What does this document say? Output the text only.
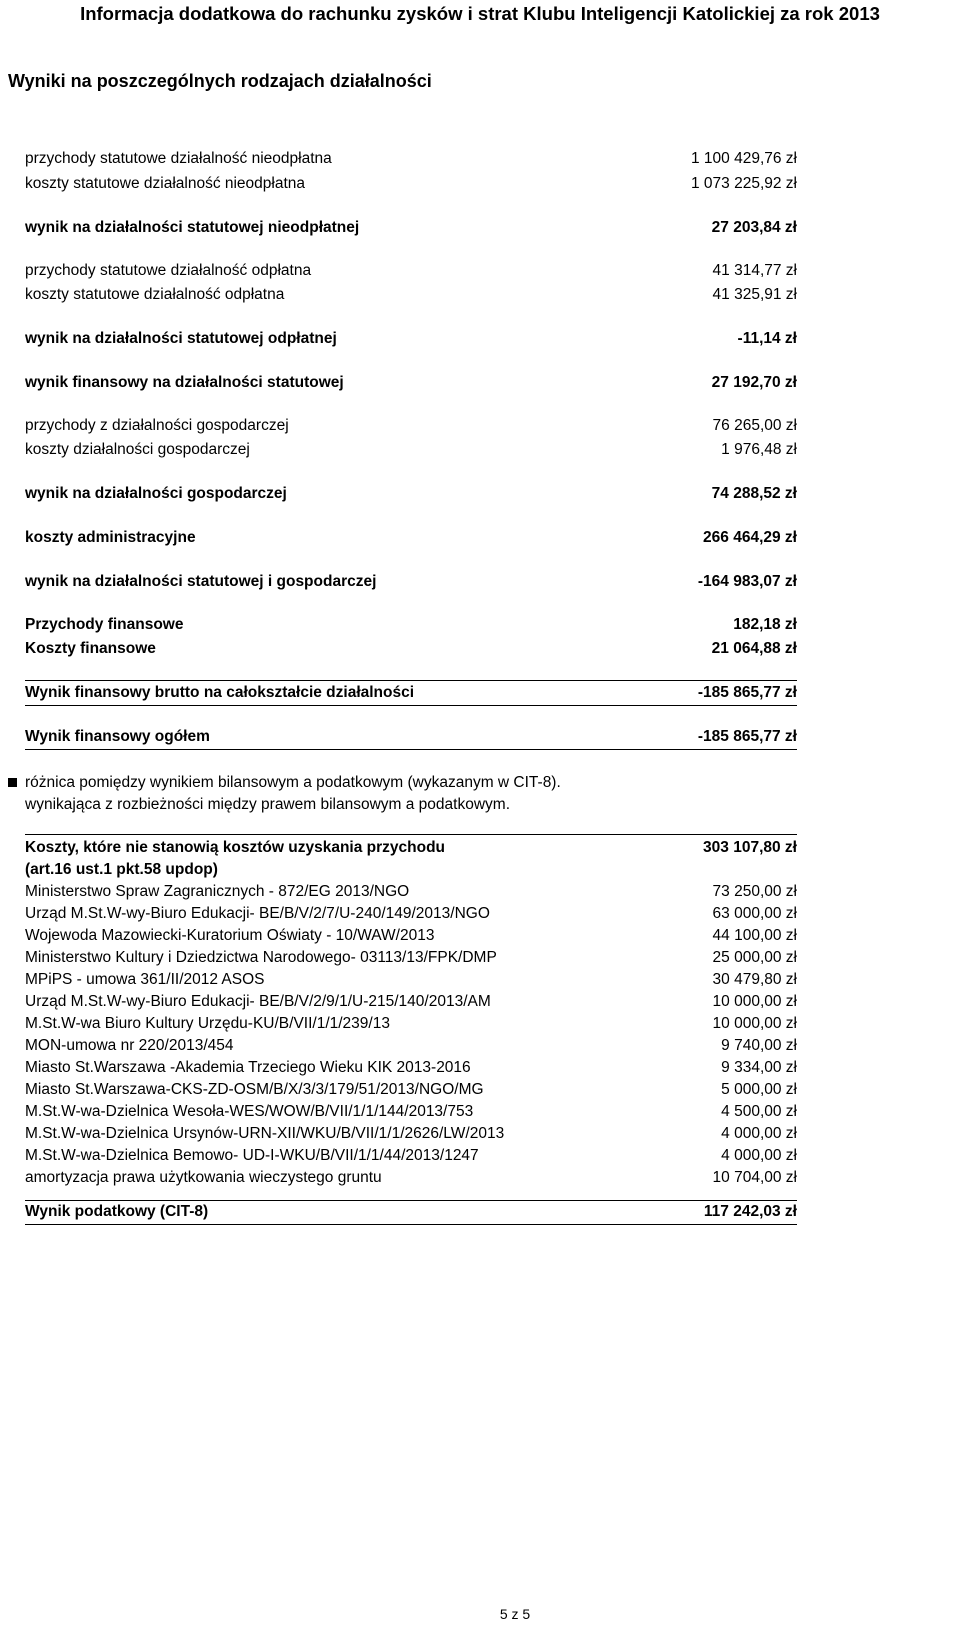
Informacja dodatkowa do rachunku zysków i strat Klubu Inteligencji Katolickiej za rok 2013
Wyniki na poszczególnych rodzajach działalności
przychody statutowe działalność nieodpłatna	1 100 429,76 zł
koszty statutowe działalność nieodpłatna	1 073 225,92 zł
wynik na działalności statutowej nieodpłatnej	27 203,84 zł
przychody statutowe działalność odpłatna	41 314,77 zł
koszty statutowe działalność odpłatna	41 325,91 zł
wynik na działalności statutowej odpłatnej	-11,14 zł
wynik finansowy na działalności statutowej	27 192,70 zł
przychody z działalności gospodarczej	76 265,00 zł
koszty działalności gospodarczej	1 976,48 zł
wynik na działalności gospodarczej	74 288,52 zł
koszty administracyjne	266 464,29 zł
wynik na działalności statutowej i gospodarczej	-164 983,07 zł
Przychody finansowe	182,18 zł
Koszty finansowe	21 064,88 zł
Wynik finansowy brutto na całokształcie działalności	-185 865,77 zł
Wynik finansowy ogółem	-185 865,77 zł
różnica pomiędzy wynikiem bilansowym a podatkowym (wykazanym w CIT-8).
wynikająca z rozbieżności między prawem bilansowym a podatkowym.
Koszty, które nie stanowią kosztów uzyskania przychodu	303 107,80 zł
(art.16 ust.1 pkt.58 updop)
Ministerstwo Spraw Zagranicznych - 872/EG 2013/NGO	73 250,00 zł
Urząd M.St.W-wy-Biuro Edukacji- BE/B/V/2/7/U-240/149/2013/NGO	63 000,00 zł
Wojewoda Mazowiecki-Kuratorium Oświaty - 10/WAW/2013	44 100,00 zł
Ministerstwo Kultury i Dziedzictwa Narodowego- 03113/13/FPK/DMP	25 000,00 zł
MPiPS - umowa 361/II/2012 ASOS	30 479,80 zł
Urząd M.St.W-wy-Biuro Edukacji- BE/B/V/2/9/1/U-215/140/2013/AM	10 000,00 zł
M.St.W-wa Biuro Kultury Urzędu-KU/B/VII/1/1/239/13	10 000,00 zł
MON-umowa nr 220/2013/454	9 740,00 zł
Miasto St.Warszawa -Akademia Trzeciego Wieku KIK 2013-2016	9 334,00 zł
Miasto St.Warszawa-CKS-ZD-OSM/B/X/3/3/179/51/2013/NGO/MG	5 000,00 zł
M.St.W-wa-Dzielnica Wesoła-WES/WOW/B/VII/1/1/144/2013/753	4 500,00 zł
M.St.W-wa-Dzielnica Ursynów-URN-XII/WKU/B/VII/1/1/2626/LW/2013	4 000,00 zł
M.St.W-wa-Dzielnica Bemowo- UD-I-WKU/B/VII/1/1/44/2013/1247	4 000,00 zł
amortyzacja prawa użytkowania wieczystego gruntu	10 704,00 zł
Wynik podatkowy (CIT-8)	117 242,03 zł
5 z 5
